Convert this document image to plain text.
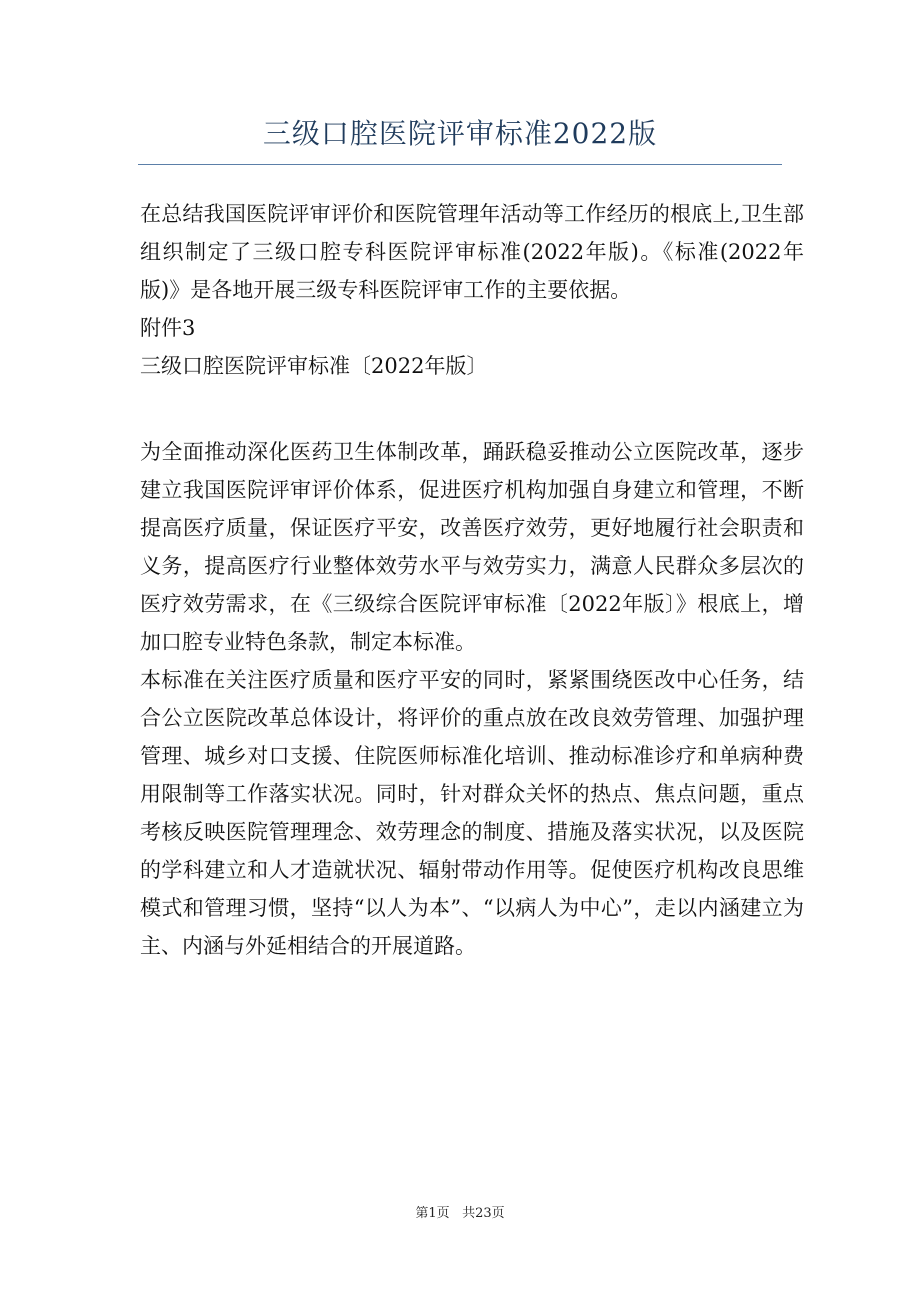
三级口腔医院评审标准2022版

在总结我国医院评审评价和医院管理年活动等工作经历的根底上,卫生部组织制定了三级口腔专科医院评审标准(2022年版)。《标准(2022年版)》是各地开展三级专科医院评审工作的主要依据。

附件3

三级口腔医院评审标准〔2022年版〕

为全面推动深化医药卫生体制改革，踊跃稳妥推动公立医院改革，逐步建立我国医院评审评价体系，促进医疗机构加强自身建立和管理，不断提高医疗质量，保证医疗平安，改善医疗效劳，更好地履行社会职责和义务，提高医疗行业整体效劳水平与效劳实力，满意人民群众多层次的医疗效劳需求，在《三级综合医院评审标准〔2022年版〕》根底上，增加口腔专业特色条款，制定本标准。

本标准在关注医疗质量和医疗平安的同时，紧紧围绕医改中心任务，结合公立医院改革总体设计，将评价的重点放在改良效劳管理、加强护理管理、城乡对口支援、住院医师标准化培训、推动标准诊疗和单病种费用限制等工作落实状况。同时，针对群众关怀的热点、焦点问题，重点考核反映医院管理理念、效劳理念的制度、措施及落实状况，以及医院的学科建立和人才造就状况、辐射带动作用等。促使医疗机构改良思维模式和管理习惯，坚持“以人为本”、“以病人为中心”，走以内涵建立为主、内涵与外延相结合的开展道路。

第1页 共23页
